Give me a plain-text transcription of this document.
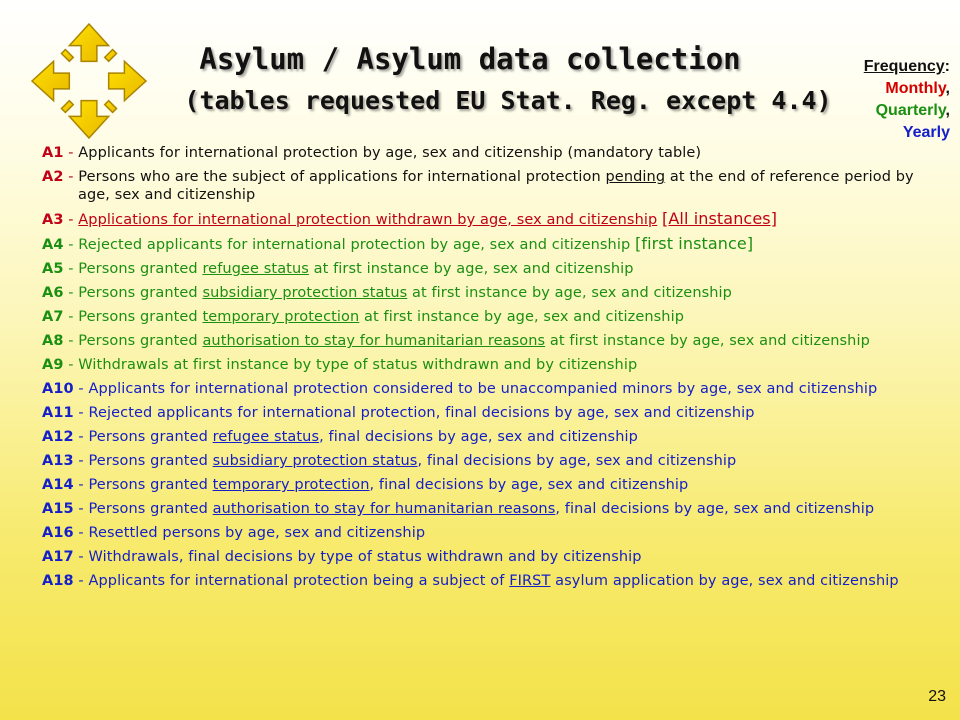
Asylum / Asylum data collection
(tables requested EU Stat. Reg. except 4.4)
Frequency:
Monthly,
Quarterly,
Yearly
A1 - Applicants for international protection by age, sex and citizenship (mandatory table)
A2 - Persons who are the subject of applications for international protection pending at the end of reference period by age, sex and citizenship
A3 - Applications for international protection withdrawn by age, sex and citizenship [All instances]
A4 - Rejected applicants for international protection by age, sex and citizenship [first instance]
A5 - Persons granted refugee status at first instance by age, sex and citizenship
A6 - Persons granted subsidiary protection status at first instance by age, sex and citizenship
A7 - Persons granted temporary protection at first instance by age, sex and citizenship
A8 - Persons granted authorisation to stay for humanitarian reasons at first instance by age, sex and citizenship
A9 - Withdrawals at first instance by type of status withdrawn and by citizenship
A10 - Applicants for international protection considered to be unaccompanied minors by age, sex and citizenship
A11 - Rejected applicants for international protection, final decisions by age, sex and citizenship
A12 - Persons granted refugee status, final decisions by age, sex and citizenship
A13 - Persons granted subsidiary protection status, final decisions by age, sex and citizenship
A14 - Persons granted temporary protection, final decisions by age, sex and citizenship
A15 - Persons granted authorisation to stay for humanitarian reasons, final decisions by age, sex and citizenship
A16 - Resettled persons by age, sex and citizenship
A17 - Withdrawals, final decisions by type of status withdrawn and by citizenship
A18 - Applicants for international protection being a subject of FIRST asylum application by age, sex and citizenship
23
